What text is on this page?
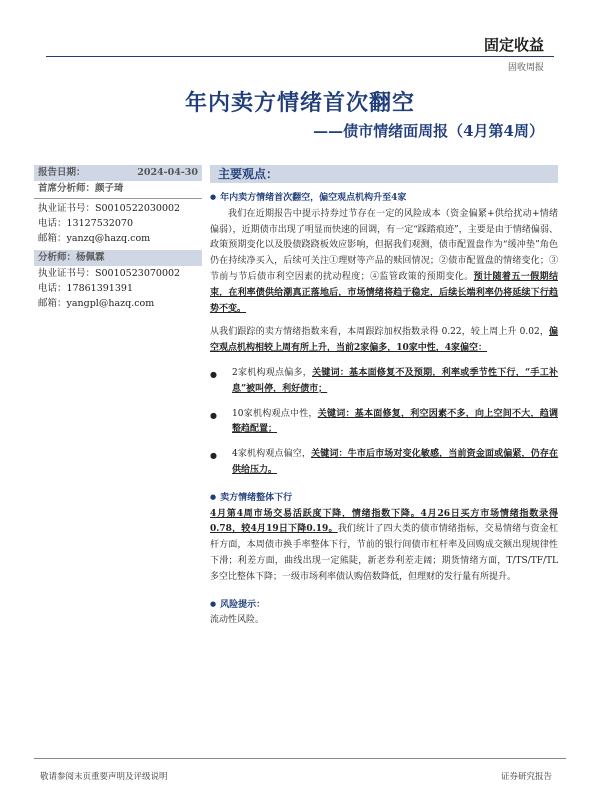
固定收益
固收周报
年内卖方情绪首次翻空
——债市情绪面周报（4月第4周）
报告日期：	2024-04-30
首席分析师：颜子琦
执业证书号：S0010522030002
电话：13127532070
邮箱：yanzq@hazq.com
分析师：杨佩霖
执业证书号：S0010523070002
电话：17861391391
邮箱：yangpl@hazq.com
主要观点：
● 年内卖方情绪首次翻空，偏空观点机构升至4家

我们在近期报告中提示持券过节存在一定的风险成本（资金偏紧+供给扰动+情绪偏弱），近期债市出现了明显而快速的回调，有一定“踩踏痕迹”，主要是由于情绪偏弱、政策预期变化以及股债跷跷板效应影响，但据我们观测，债市配置盘作为“缓冲垫”角色仍在持续净买入，后续可关注①理财等产品的赎回情况；②债市配置盘的情绪变化；③节前与节后债市利空因素的扰动程度；④监管政策的预期变化。预计随着五一假期结束，在利率债供给潮真正落地后，市场情绪将趋于稳定，后续长端利率仍将延续下行趋势不变。

从我们跟踪的卖方情绪指数来看，本周跟踪加权指数录得 0.22，较上周上升 0.02，偏空观点机构相较上周有所上升，当前2家偏多，10家中性，4家偏空：

●	2家机构观点偏多，关键词：基本面修复不及预期，利率或季节性下行，“手工补息”被叫停，利好债市；
●	10家机构观点中性，关键词：基本面修复，利空因素不多，向上空间不大，趋调整趋配置；
●	4家机构观点偏空，关键词：牛市后市场对变化敏感，当前资金面或偏紧，仍存在供给压力。
● 卖方情绪整体下行

4月第4周市场交易活跃度下降，情绪指数下降。4月26日买方市场情绪指数录得0.78，较4月19日下降0.19。我们统计了四大类的债市情绪指标，交易情绪与资金杠杆方面，本周债市换手率整体下行，节前的银行间债市杠杆率及回购成交额出现规律性下滑；利差方面，曲线出现一定熊陡，新老券利差走阔；期货情绪方面，T/TS/TF/TL 多空比整体下降；一级市场利率债认购倍数降低，但理财的发行量有所提升。

● 风险提示：

流动性风险。

敬请参阅末页重要声明及评级说明	证券研究报告
